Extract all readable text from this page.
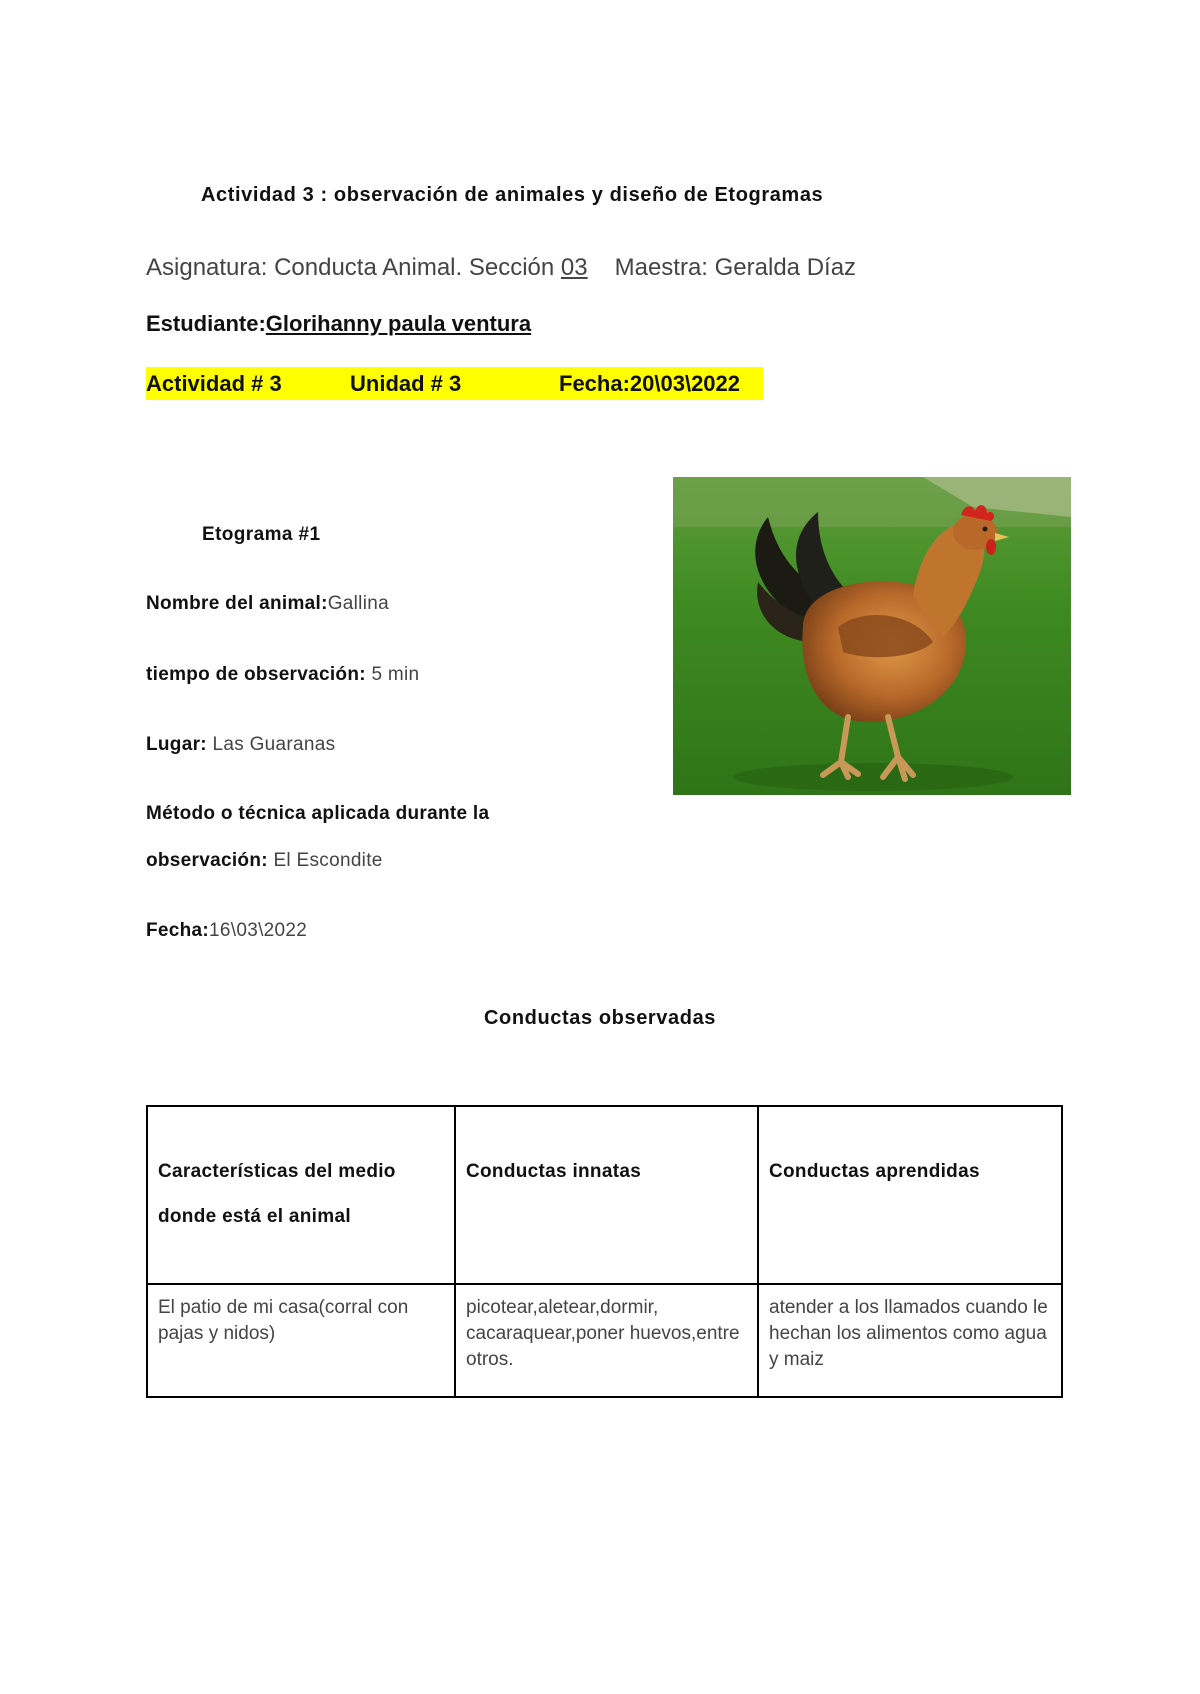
Actividad 3 : observación de animales y diseño de Etogramas
Asignatura: Conducta Animal. Sección 03 Maestra: Geralda Díaz
Estudiante:Glorihanny paula ventura
Actividad # 3	Unidad # 3	Fecha:20\03\2022
Etograma #1
Nombre del animal:Gallina
tiempo de observación: 5 min
Lugar: Las Guaranas
Método o técnica aplicada durante la
observación: El Escondite
Fecha:16\03\2022
Conductas observadas
Características del medio donde está el animal	Conductas innatas	Conductas aprendidas

El patio de mi casa(corral con pajas y nidos)	picotear,aletear,dormir, cacaraquear,poner huevos,entre otros.	atender a los llamados cuando le hechan los alimentos como agua y maiz
